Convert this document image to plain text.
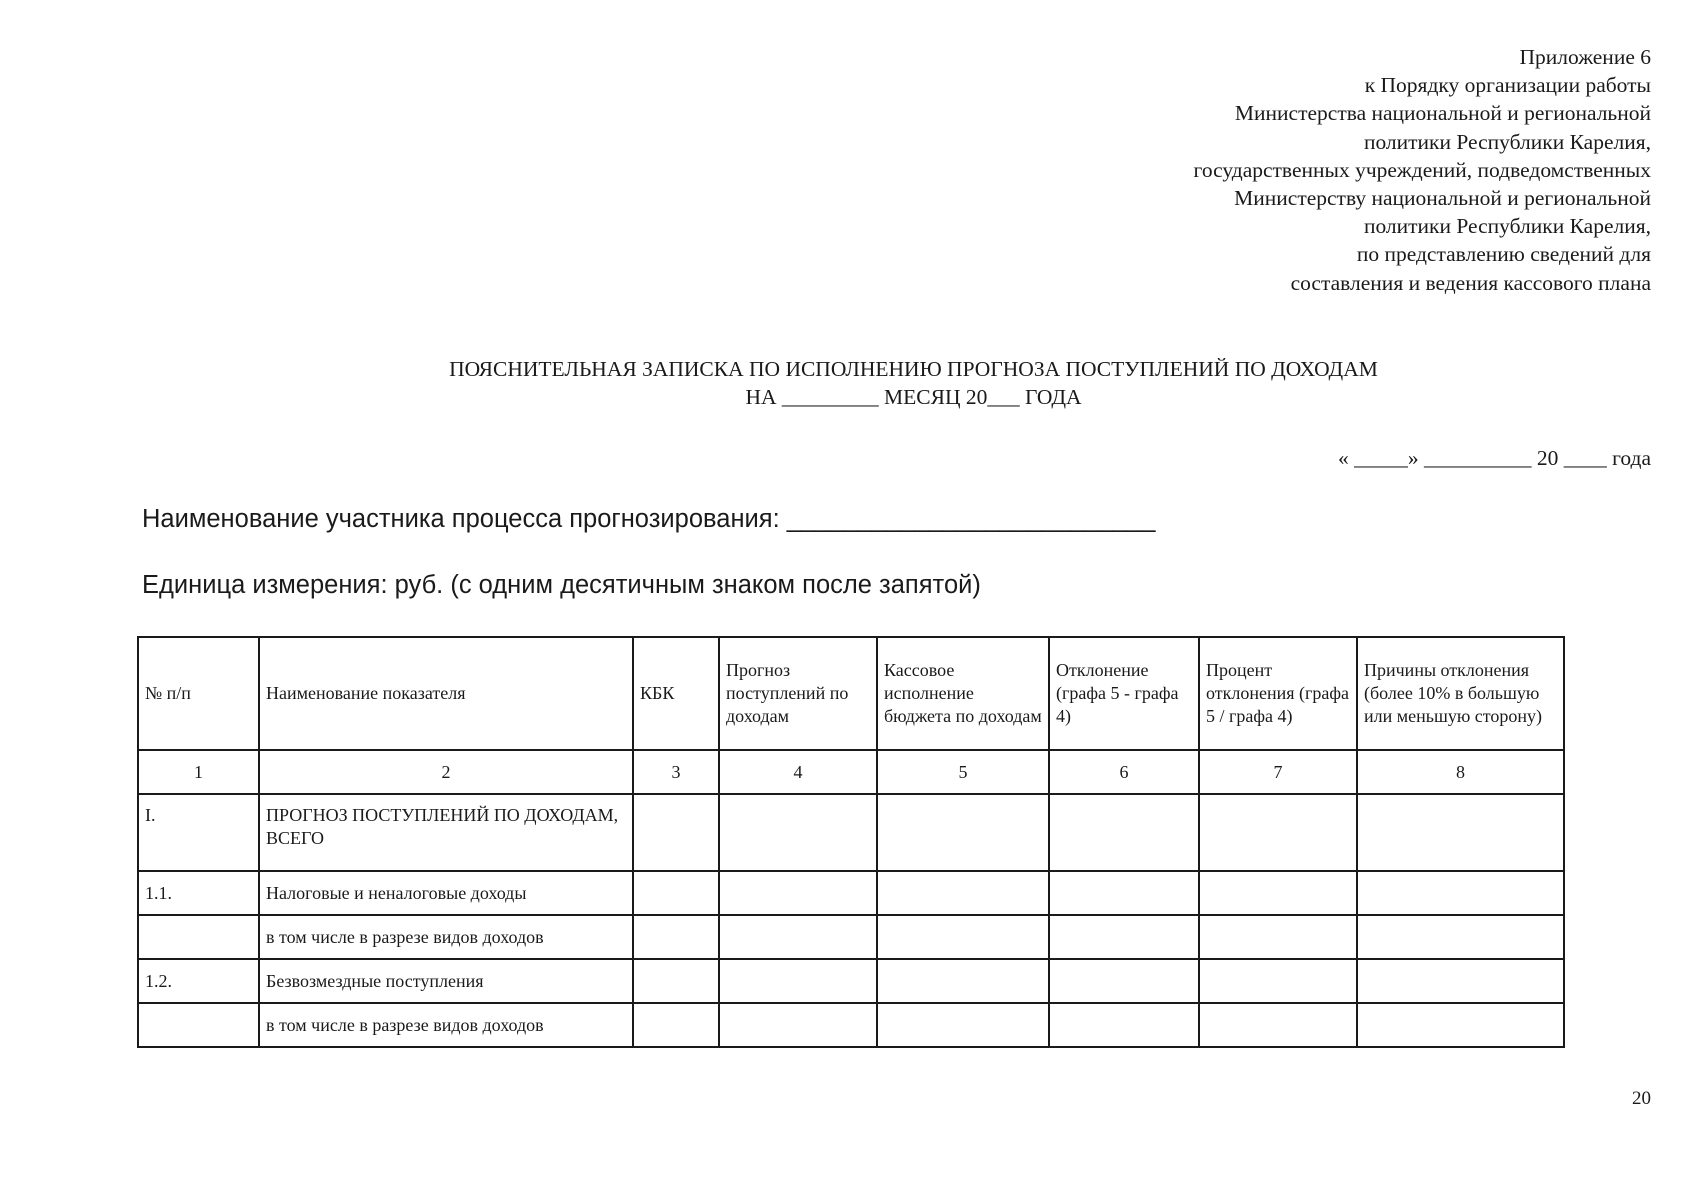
Приложение 6
к Порядку организации работы
Министерства национальной и региональной
политики Республики Карелия,
государственных учреждений, подведомственных
Министерству национальной и региональной
политики Республики Карелия,
по представлению сведений для
составления и ведения кассового плана
ПОЯСНИТЕЛЬНАЯ ЗАПИСКА ПО ИСПОЛНЕНИЮ ПРОГНОЗА ПОСТУПЛЕНИЙ ПО ДОХОДАМ
НА _________ МЕСЯЦ 20___ ГОДА
« _____» __________ 20 ____ года
Наименование участника процесса прогнозирования: __________________________
Единица измерения: руб. (с одним десятичным знаком после запятой)
№ п/п	Наименование показателя	КБК	Прогноз поступлений по доходам	Кассовое исполнение бюджета по доходам	Отклонение (графа 5 - графа 4)	Процент отклонения (графа 5 / графа 4)	Причины отклонения (более 10% в большую или меньшую сторону)
1	2	3	4	5	6	7	8
I.	ПРОГНОЗ ПОСТУПЛЕНИЙ ПО ДОХОДАМ, ВСЕГО						
1.1.	Налоговые и неналоговые доходы						
	в том числе в разрезе видов доходов						
1.2.	Безвозмездные поступления						
	в том числе в разрезе видов доходов						
20
